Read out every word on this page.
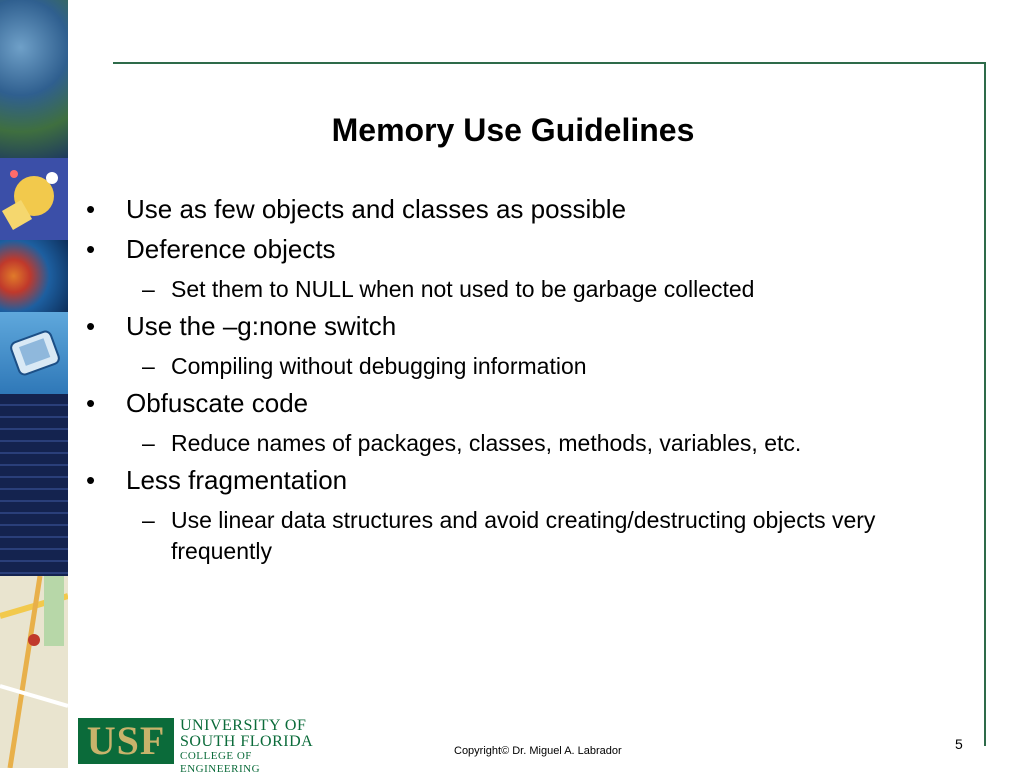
Memory Use Guidelines
• Use as few objects and classes as possible
• Deference objects
– Set them to NULL when not used to be garbage collected
• Use the –g:none switch
– Compiling without debugging information
• Obfuscate code
– Reduce names of packages, classes, methods, variables, etc.
• Less fragmentation
– Use linear data structures and avoid creating/destructing objects very frequently
USF UNIVERSITY OF
SOUTH FLORIDA
COLLEGE OF ENGINEERING
Copyright© Dr. Miguel A. Labrador	5
